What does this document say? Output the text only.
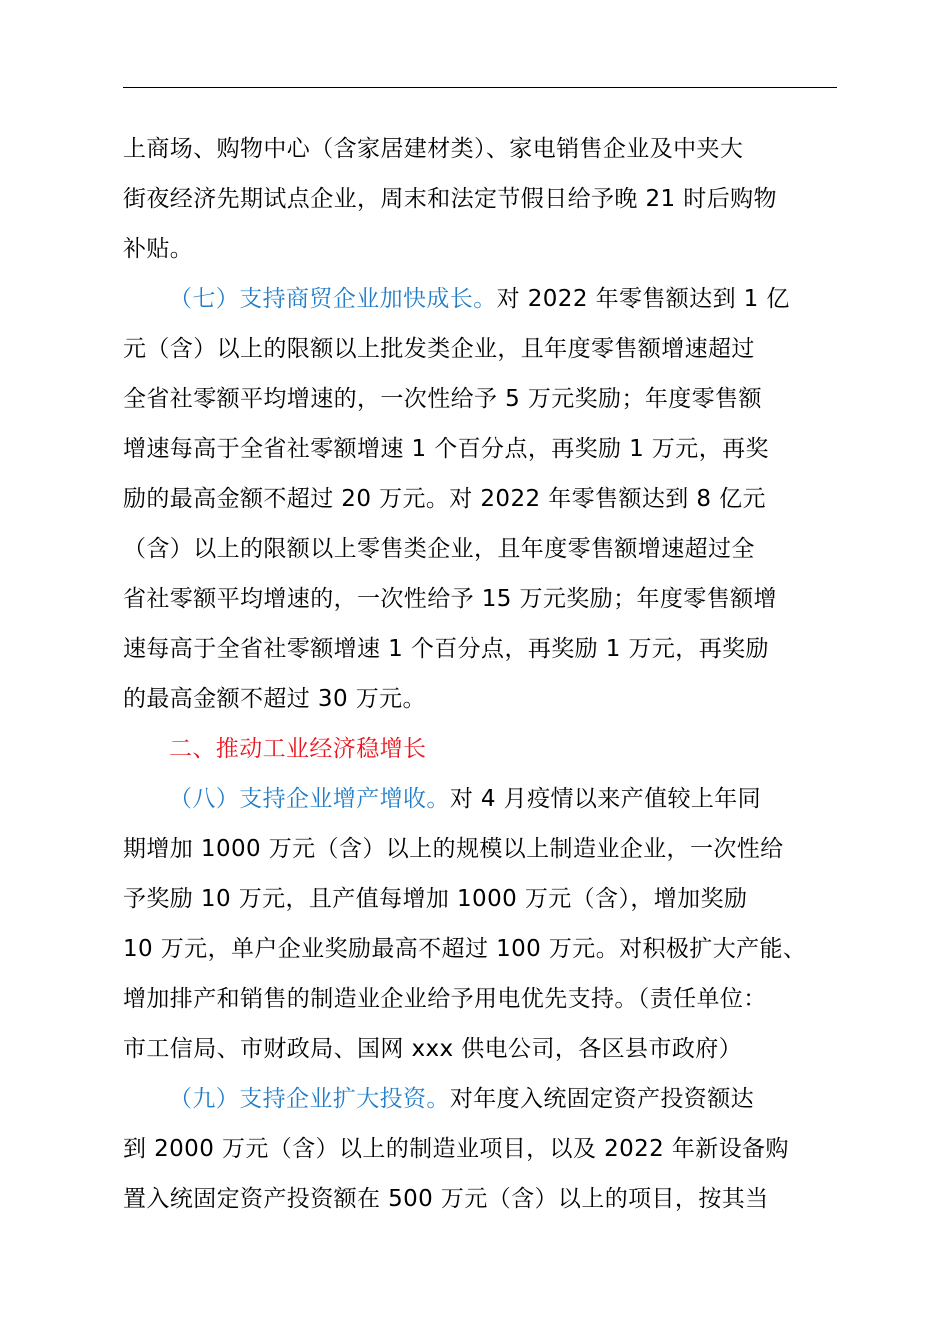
上商场、购物中心（含家居建材类）、家电销售企业及中夹大
街夜经济先期试点企业，周末和法定节假日给予晚 21 时后购物
补贴。
（七）支持商贸企业加快成长。对 2022 年零售额达到 1 亿
元（含）以上的限额以上批发类企业，且年度零售额增速超过
全省社零额平均增速的，一次性给予 5 万元奖励；年度零售额
增速每高于全省社零额增速 1 个百分点，再奖励 1 万元，再奖
励的最高金额不超过 20 万元。对 2022 年零售额达到 8 亿元
（含）以上的限额以上零售类企业，且年度零售额增速超过全
省社零额平均增速的，一次性给予 15 万元奖励；年度零售额增
速每高于全省社零额增速 1 个百分点，再奖励 1 万元，再奖励
的最高金额不超过 30 万元。
二、推动工业经济稳增长
（八）支持企业增产增收。对 4 月疫情以来产值较上年同
期增加 1000 万元（含）以上的规模以上制造业企业，一次性给
予奖励 10 万元，且产值每增加 1000 万元（含），增加奖励
10 万元，单户企业奖励最高不超过 100 万元。对积极扩大产能、
增加排产和销售的制造业企业给予用电优先支持。（责任单位：
市工信局、市财政局、国网 xxx 供电公司，各区县市政府）
（九）支持企业扩大投资。对年度入统固定资产投资额达
到 2000 万元（含）以上的制造业项目，以及 2022 年新设备购
置入统固定资产投资额在 500 万元（含）以上的项目，按其当
